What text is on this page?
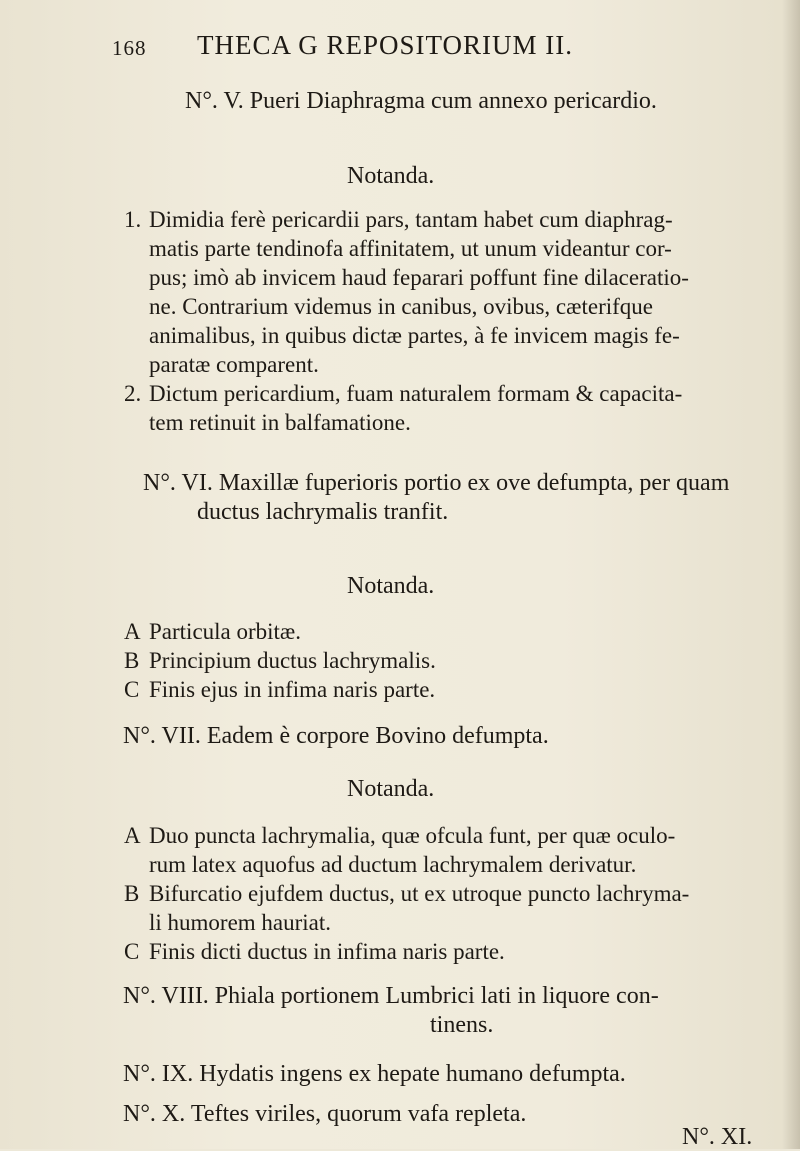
168 THECA G REPOSITORIUM II.
N°. V. Pueri Diaphragma cum annexo pericardio.
Notanda.
1. Dimidia ferè pericardii pars, tantam habet cum diaphrag-
matis parte tendinofa affinitatem, ut unum videantur cor-
pus; imò ab invicem haud feparari poffunt fine dilaceratio-
ne. Contrarium videmus in canibus, ovibus, cæterifque
animalibus, in quibus dictæ partes, à fe invicem magis fe-
paratæ comparent.
2. Dictum pericardium, fuam naturalem formam & capacita-
tem retinuit in balfamatione.
N°. VI. Maxillæ fuperioris portio ex ove defumpta, per quam
ductus lachrymalis tranfit.
Notanda.
A Particula orbitæ.
B Principium ductus lachrymalis.
C Finis ejus in infima naris parte.
N°. VII. Eadem è corpore Bovino defumpta.
Notanda.
A Duo puncta lachrymalia, quæ ofcula funt, per quæ oculo-
rum latex aquofus ad ductum lachrymalem derivatur.
B Bifurcatio ejufdem ductus, ut ex utroque puncto lachryma-
li humorem hauriat.
C Finis dicti ductus in infima naris parte.
N°. VIII. Phiala portionem Lumbrici lati in liquore con-
tinens.
N°. IX. Hydatis ingens ex hepate humano defumpta.
N°. X. Teftes viriles, quorum vafa repleta.
N°. XI.
